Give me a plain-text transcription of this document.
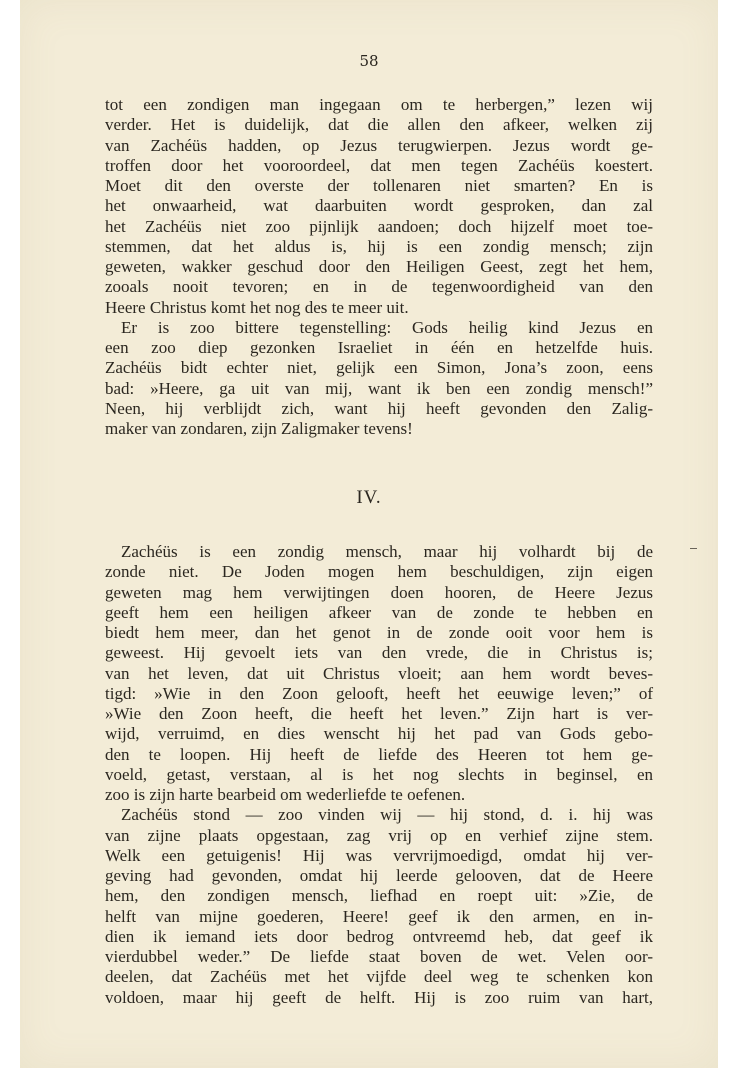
58
tot een zondigen man ingegaan om te herbergen,” lezen wij
verder. Het is duidelijk, dat die allen den afkeer, welken zij
van Zachéüs hadden, op Jezus terugwierpen. Jezus wordt ge-
troffen door het vooroordeel, dat men tegen Zachéüs koestert.
Moet dit den overste der tollenaren niet smarten? En is
het onwaarheid, wat daarbuiten wordt gesproken, dan zal
het Zachéüs niet zoo pijnlijk aandoen; doch hijzelf moet toe-
stemmen, dat het aldus is, hij is een zondig mensch; zijn
geweten, wakker geschud door den Heiligen Geest, zegt het hem,
zooals nooit tevoren; en in de tegenwoordigheid van den
Heere Christus komt het nog des te meer uit.
Er is zoo bittere tegenstelling: Gods heilig kind Jezus en
een zoo diep gezonken Israeliet in één en hetzelfde huis.
Zachéüs bidt echter niet, gelijk een Simon, Jona’s zoon, eens
bad: »Heere, ga uit van mij, want ik ben een zondig mensch!”
Neen, hij verblijdt zich, want hij heeft gevonden den Zalig-
maker van zondaren, zijn Zaligmaker tevens!
IV.
Zachéüs is een zondig mensch, maar hij volhardt bij de
zonde niet. De Joden mogen hem beschuldigen, zijn eigen
geweten mag hem verwijtingen doen hooren, de Heere Jezus
geeft hem een heiligen afkeer van de zonde te hebben en
biedt hem meer, dan het genot in de zonde ooit voor hem is
geweest. Hij gevoelt iets van den vrede, die in Christus is;
van het leven, dat uit Christus vloeit; aan hem wordt beves-
tigd: »Wie in den Zoon gelooft, heeft het eeuwige leven;” of
»Wie den Zoon heeft, die heeft het leven.” Zijn hart is ver-
wijd, verruimd, en dies wenscht hij het pad van Gods gebo-
den te loopen. Hij heeft de liefde des Heeren tot hem ge-
voeld, getast, verstaan, al is het nog slechts in beginsel, en
zoo is zijn harte bearbeid om wederliefde te oefenen.
Zachéüs stond — zoo vinden wij — hij stond, d. i. hij was
van zijne plaats opgestaan, zag vrij op en verhief zijne stem.
Welk een getuigenis! Hij was vervrijmoedigd, omdat hij ver-
geving had gevonden, omdat hij leerde gelooven, dat de Heere
hem, den zondigen mensch, liefhad en roept uit: »Zie, de
helft van mijne goederen, Heere! geef ik den armen, en in-
dien ik iemand iets door bedrog ontvreemd heb, dat geef ik
vierdubbel weder.” De liefde staat boven de wet. Velen oor-
deelen, dat Zachéüs met het vijfde deel weg te schenken kon
voldoen, maar hij geeft de helft. Hij is zoo ruim van hart,
